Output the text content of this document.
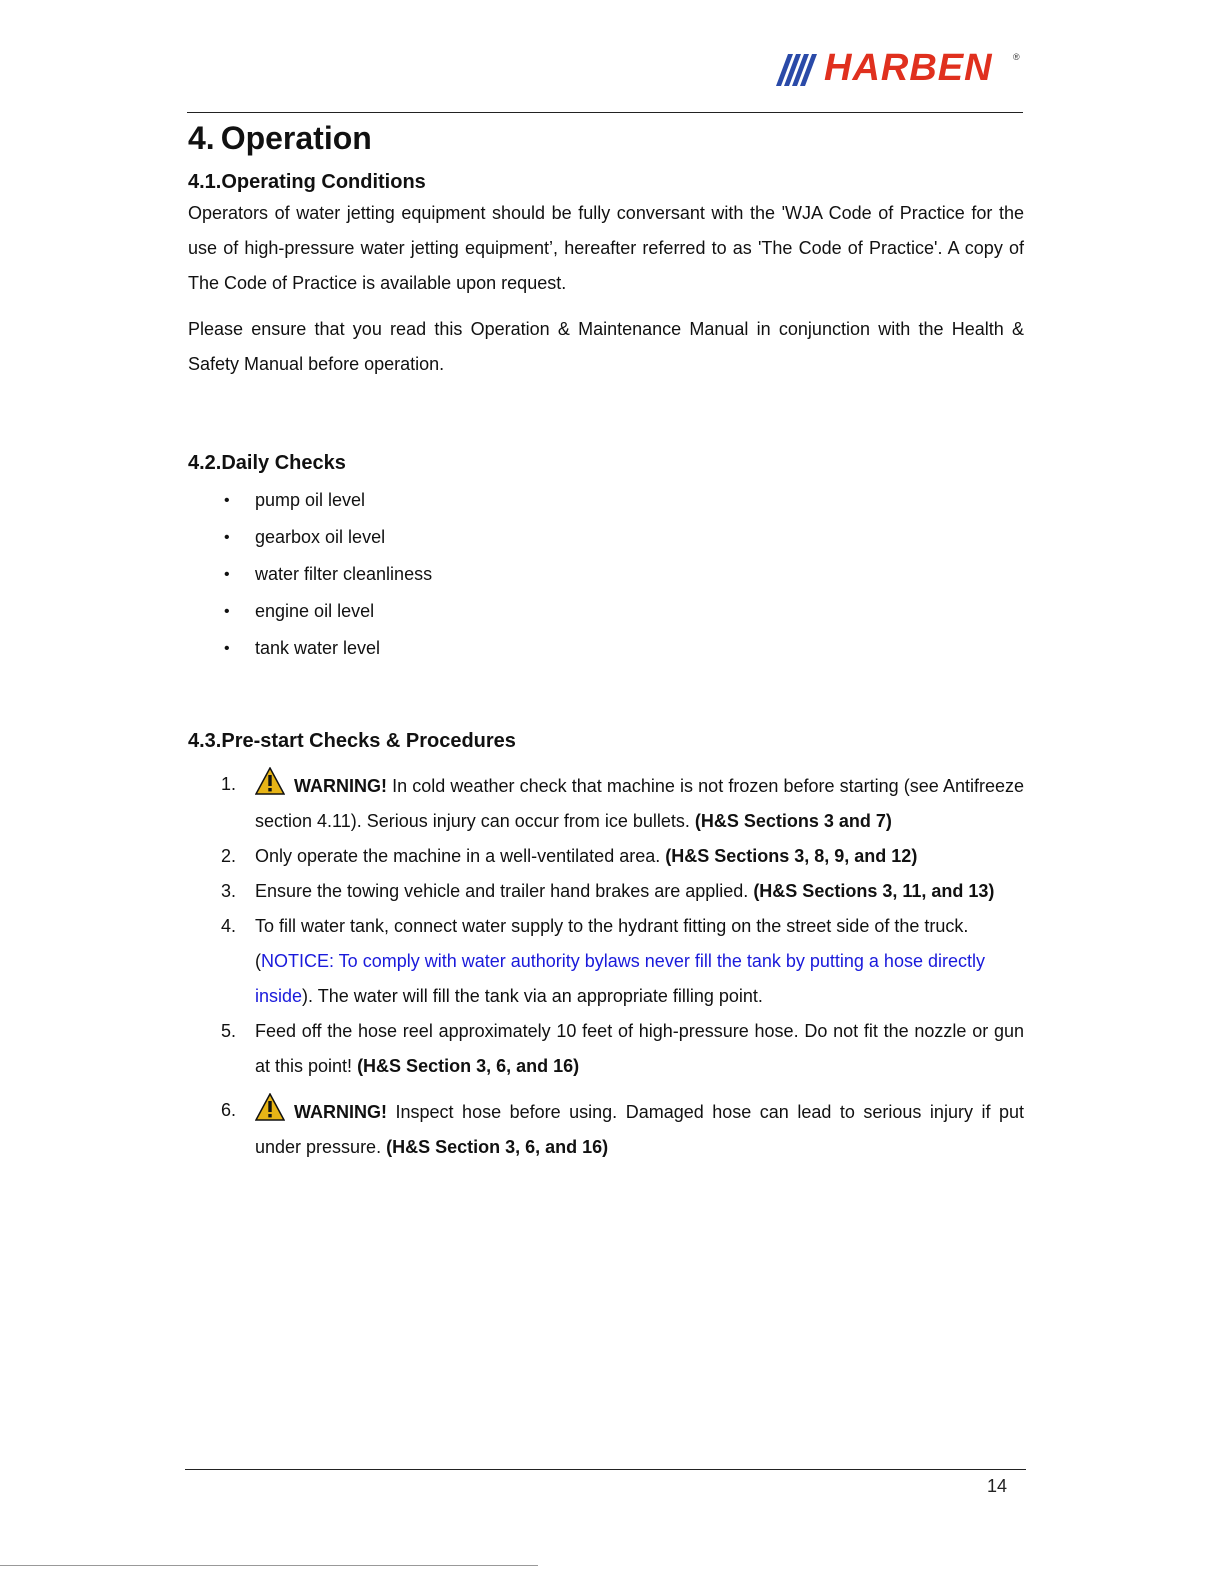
HARBEN ®
4. Operation
4.1.Operating Conditions

Operators of water jetting equipment should be fully conversant with the 'WJA Code of Practice for the use of high-pressure water jetting equipment’, hereafter referred to as 'The Code of Practice'. A copy of The Code of Practice is available upon request.

Please ensure that you read this Operation & Maintenance Manual in conjunction with the Health & Safety Manual before operation.

4.2.Daily Checks
• pump oil level
• gearbox oil level
• water filter cleanliness
• engine oil level
• tank water level
4.3.Pre-start Checks & Procedures
1.	WARNING! In cold weather check that machine is not frozen before starting (see Antifreeze section 4.11). Serious injury can occur from ice bullets. (H&S Sections 3 and 7)
2. Only operate the machine in a well-ventilated area. (H&S Sections 3, 8, 9, and 12)
3. Ensure the towing vehicle and trailer hand brakes are applied. (H&S Sections 3, 11, and 13)
4. To fill water tank, connect water supply to the hydrant fitting on the street side of the truck. (NOTICE: To comply with water authority bylaws never fill the tank by putting a hose directly inside). The water will fill the tank via an appropriate filling point.
5. Feed off the hose reel approximately 10 feet of high-pressure hose. Do not fit the nozzle or gun at this point! (H&S Section 3, 6, and 16)
6.	WARNING! Inspect hose before using. Damaged hose can lead to serious injury if put under pressure. (H&S Section 3, 6, and 16)
14
